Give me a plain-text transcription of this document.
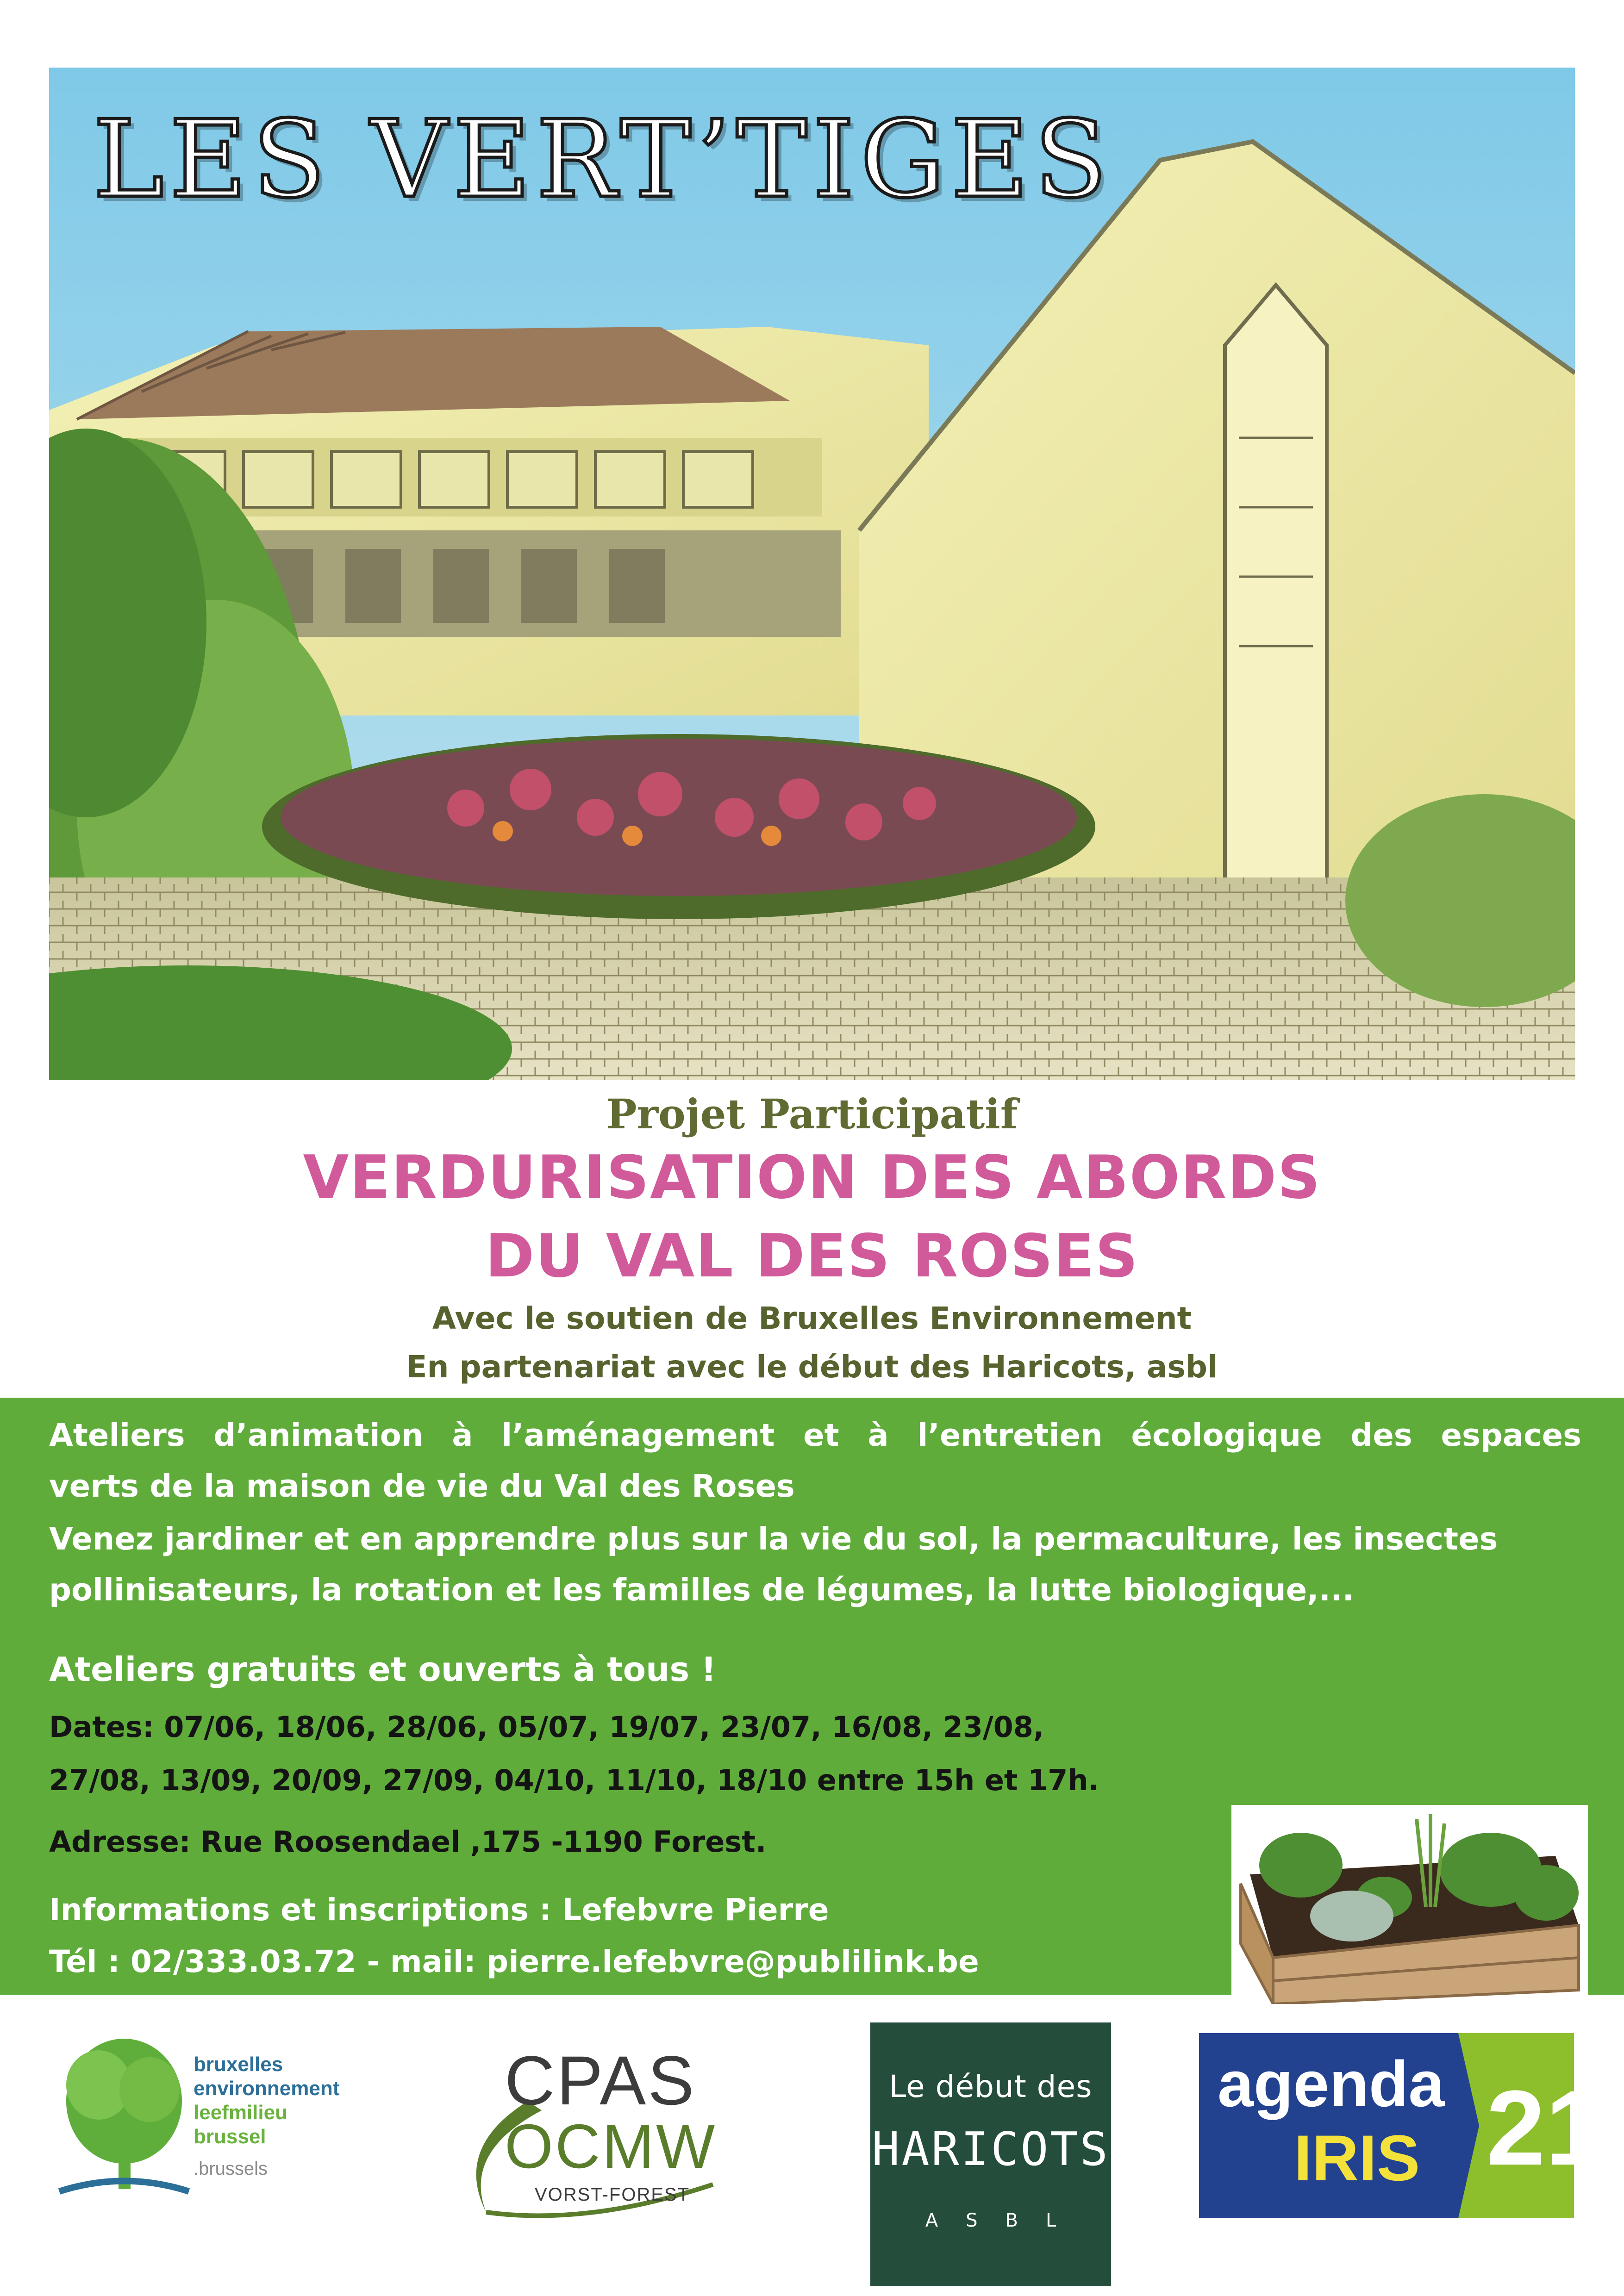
LES VERT’TIGES

Projet Participatif

VERDURISATION DES ABORDS
DU VAL DES ROSES

Avec le soutien de Bruxelles Environnement

En partenariat avec le début des Haricots, asbl

Ateliers d’animation à l’aménagement et à l’entretien écologique des espaces

verts de la maison de vie du Val des Roses

Venez jardiner et en apprendre plus sur la vie du sol, la permaculture, les insectes

pollinisateurs, la rotation et les familles de légumes, la lutte biologique,...

Ateliers gratuits et ouverts à tous !

Dates: 07/06, 18/06, 28/06, 05/07, 19/07, 23/07, 16/08, 23/08,

27/08, 13/09, 20/09, 27/09, 04/10, 11/10, 18/10 entre 15h et 17h.

Adresse: Rue Roosendael ,175 -1190 Forest.

Informations et inscriptions : Lefebvre Pierre

Tél : 02/333.03.72 - mail: pierre.lefebvre@publilink.be

bruxelles
environnement
leefmilieu
brussel
.brussels
CPAS
OCMW
VORST-FOREST
Le début des
HARICOTS
ASBL
agenda
IRIS 21
